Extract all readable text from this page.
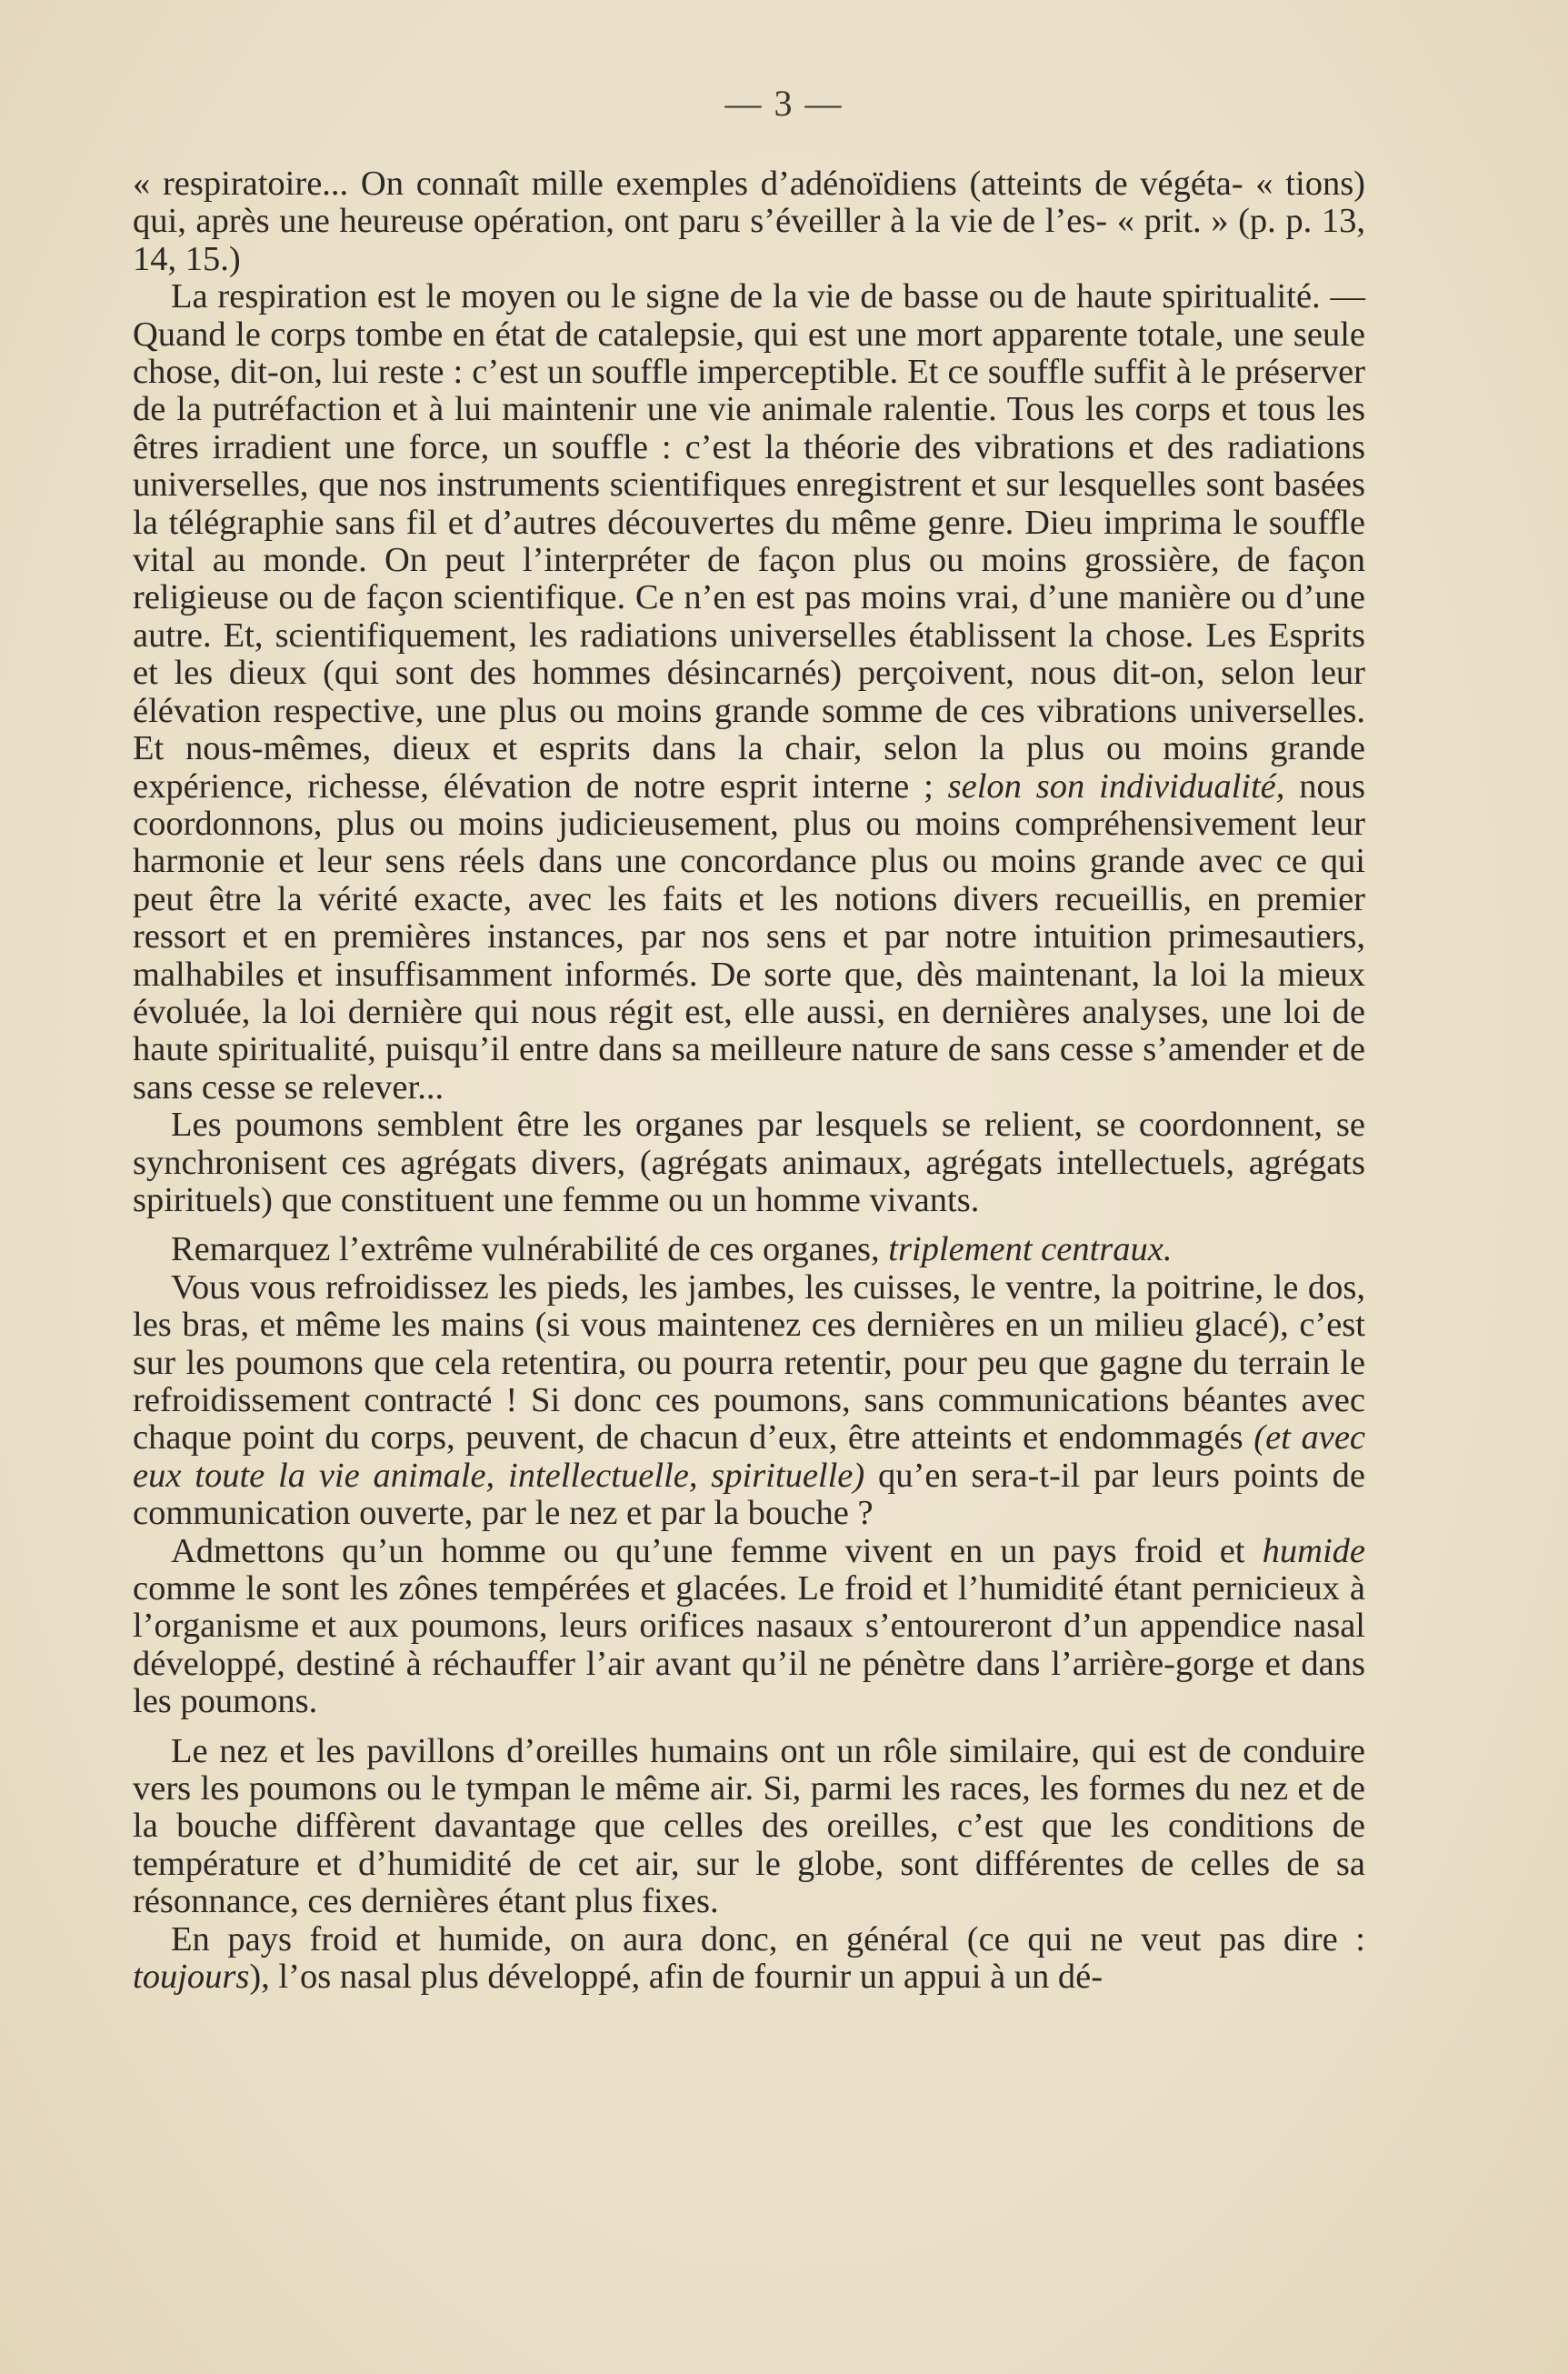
— 3 —

« respiratoire... On connaît mille exemples d’adénoïdiens (atteints de végéta- « tions) qui, après une heureuse opération, ont paru s’éveiller à la vie de l’es- « prit. » (p. p. 13, 14, 15.)

La respiration est le moyen ou le signe de la vie de basse ou de haute spiritualité. — Quand le corps tombe en état de catalepsie, qui est une mort apparente totale, une seule chose, dit-on, lui reste : c’est un souffle imperceptible. Et ce souffle suffit à le préserver de la putréfaction et à lui maintenir une vie animale ralentie. Tous les corps et tous les êtres irradient une force, un souffle : c’est la théorie des vibrations et des radiations universelles, que nos instruments scientifiques enregistrent et sur lesquelles sont basées la télégraphie sans fil et d’autres découvertes du même genre. Dieu imprima le souffle vital au monde. On peut l’interpréter de façon plus ou moins grossière, de façon religieuse ou de façon scientifique. Ce n’en est pas moins vrai, d’une manière ou d’une autre. Et, scientifiquement, les radiations universelles établissent la chose. Les Esprits et les dieux (qui sont des hommes désincarnés) perçoivent, nous dit-on, selon leur élévation respective, une plus ou moins grande somme de ces vibrations universelles. Et nous-mêmes, dieux et esprits dans la chair, selon la plus ou moins grande expérience, richesse, élévation de notre esprit interne ; selon son individualité, nous coordonnons, plus ou moins judicieusement, plus ou moins compréhensivement leur harmonie et leur sens réels dans une concordance plus ou moins grande avec ce qui peut être la vérité exacte, avec les faits et les notions divers recueillis, en premier ressort et en premières instances, par nos sens et par notre intuition primesautiers, malhabiles et insuffisamment informés. De sorte que, dès maintenant, la loi la mieux évoluée, la loi dernière qui nous régit est, elle aussi, en dernières analyses, une loi de haute spiritualité, puisqu’il entre dans sa meilleure nature de sans cesse s’amender et de sans cesse se relever...

Les poumons semblent être les organes par lesquels se relient, se coordonnent, se synchronisent ces agrégats divers, (agrégats animaux, agrégats intellectuels, agrégats spirituels) que constituent une femme ou un homme vivants.

Remarquez l’extrême vulnérabilité de ces organes, triplement centraux.

Vous vous refroidissez les pieds, les jambes, les cuisses, le ventre, la poitrine, le dos, les bras, et même les mains (si vous maintenez ces dernières en un milieu glacé), c’est sur les poumons que cela retentira, ou pourra retentir, pour peu que gagne du terrain le refroidissement contracté ! Si donc ces poumons, sans communications béantes avec chaque point du corps, peuvent, de chacun d’eux, être atteints et endommagés (et avec eux toute la vie animale, intellectuelle, spirituelle) qu’en sera-t-il par leurs points de communication ouverte, par le nez et par la bouche ?

Admettons qu’un homme ou qu’une femme vivent en un pays froid et humide comme le sont les zônes tempérées et glacées. Le froid et l’humidité étant pernicieux à l’organisme et aux poumons, leurs orifices nasaux s’entoureront d’un appendice nasal développé, destiné à réchauffer l’air avant qu’il ne pénètre dans l’arrière-gorge et dans les poumons.

Le nez et les pavillons d’oreilles humains ont un rôle similaire, qui est de conduire vers les poumons ou le tympan le même air. Si, parmi les races, les formes du nez et de la bouche diffèrent davantage que celles des oreilles, c’est que les conditions de température et d’humidité de cet air, sur le globe, sont différentes de celles de sa résonnance, ces dernières étant plus fixes.

En pays froid et humide, on aura donc, en général (ce qui ne veut pas dire : toujours), l’os nasal plus développé, afin de fournir un appui à un dé-
